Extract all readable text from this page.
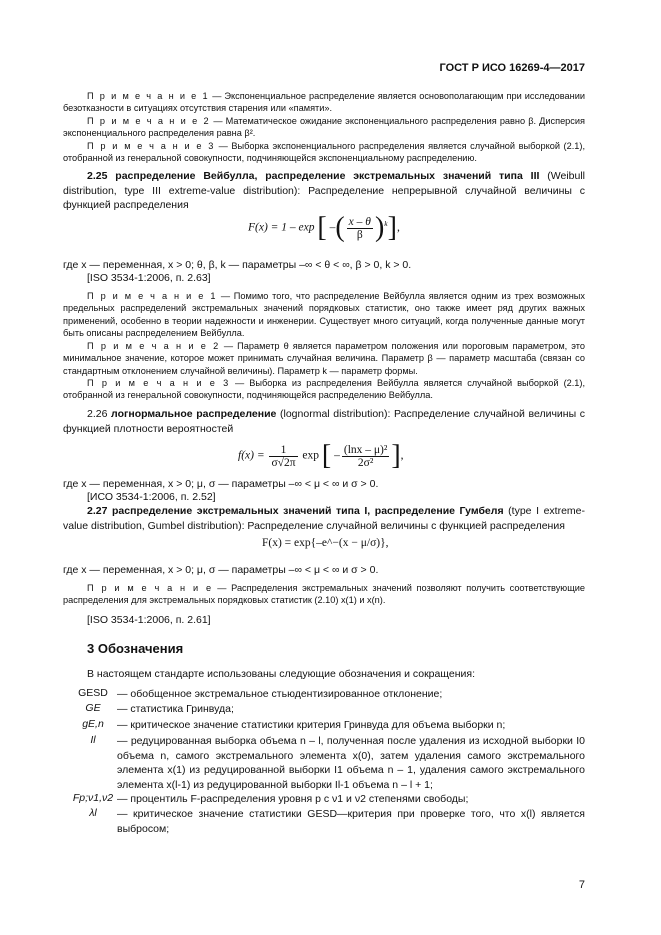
ГОСТ Р ИСО 16269-4—2017

П р и м е ч а н и е 1 — Экспоненциальное распределение является основополагающим при исследовании безотказности в ситуациях отсутствия старения или «памяти».

П р и м е ч а н и е 2 — Математическое ожидание экспоненциального распределения равно β. Дисперсия экспоненциального распределения равна β².

П р и м е ч а н и е 3 — Выборка экспоненциального распределения является случайной выборкой (2.1), отобранной из генеральной совокупности, подчиняющейся экспоненциальному распределению.

2.25 распределение Вейбулла, распределение экстремальных значений типа III (Weibull distribution, type III extreme-value distribution): Распределение непрерывной случайной величины с функцией распределения

F(x) = 1 – exp [ –( $\frac{x - \theta}{\beta} )^k$],

где x — переменная, x > 0; θ, β, k — параметры –∞ < θ < ∞, β > 0, k > 0.

[ISO 3534-1:2006, п. 2.63]

П р и м е ч а н и е 1 — Помимо того, что распределение Вейбулла является одним из трех возможных предельных распределений экстремальных значений порядковых статистик, оно также имеет ряд других важных применений, особенно в теории надежности и инженерии. Существует много ситуаций, когда полученные данные могут быть описаны распределением Вейбулла.

П р и м е ч а н и е 2 — Параметр θ является параметром положения или пороговым параметром, это минимальное значение, которое может принимать случайная величина. Параметр β — параметр масштаба (связан со стандартным отклонением случайной величины). Параметр k — параметр формы.

П р и м е ч а н и е 3 — Выборка из распределения Вейбулла является случайной выборкой (2.1), отобранной из генеральной совокупности, подчиняющейся распределению Вейбулла.

2.26 логнормальное распределение (lognormal distribution): Распределение случайной величины с функцией плотности вероятностей

$f(x) = \frac{1}{\sigma√2\pi}$ exp [ – $\frac{\text{(lnx – μ)²}}{\text{2σ²}}$ ],

где x — переменная, x > 0; μ, σ — параметры –∞ < μ < ∞ и σ > 0.

[ИСО 3534-1:2006, п. 2.52]

2.27 распределение экстремальных значений типа I, распределение Гумбеля (type I extreme-value distribution, Gumbel distribution): Распределение случайной величины с функцией распределения

F(x) = exp{–e^−(x − μ/σ)},

где x — переменная, x > 0; μ, σ — параметры –∞ < μ < ∞ и σ > 0.

П р и м е ч а н и е — Распределения экстремальных значений позволяют получить соответствующие распределения для экстремальных порядковых статистик (2.10) x(1) и x(n).

[ISO 3534-1:2006, п. 2.61]
3 Обозначения

В настоящем стандарте использованы следующие обозначения и сокращения:

GESD — обобщенное экстремальное стьюдентизированное отклонение;

GE	— статистика Гринвуда;

gE,n	— критическое значение статистики критерия Гринвуда для объема выборки n;

Il	— редуцированная выборка объема n – l, полученная после удаления из исходной выборки I0 объема n, самого экстремального элемента x(0), затем удаления самого экстремального элемента x(1) из редуцированной выборки I1 объема n – 1, удаления самого экстремального элемента x(l-1) из редуцированной выборки Il-1 объема n – l + 1;

Fp;ν1,ν2 — процентиль F-распределения уровня p с ν1 и ν2 степенями свободы;

λl	— критическое значение статистики GESD—критерия при проверке того, что x(l) является выбросом;

7
